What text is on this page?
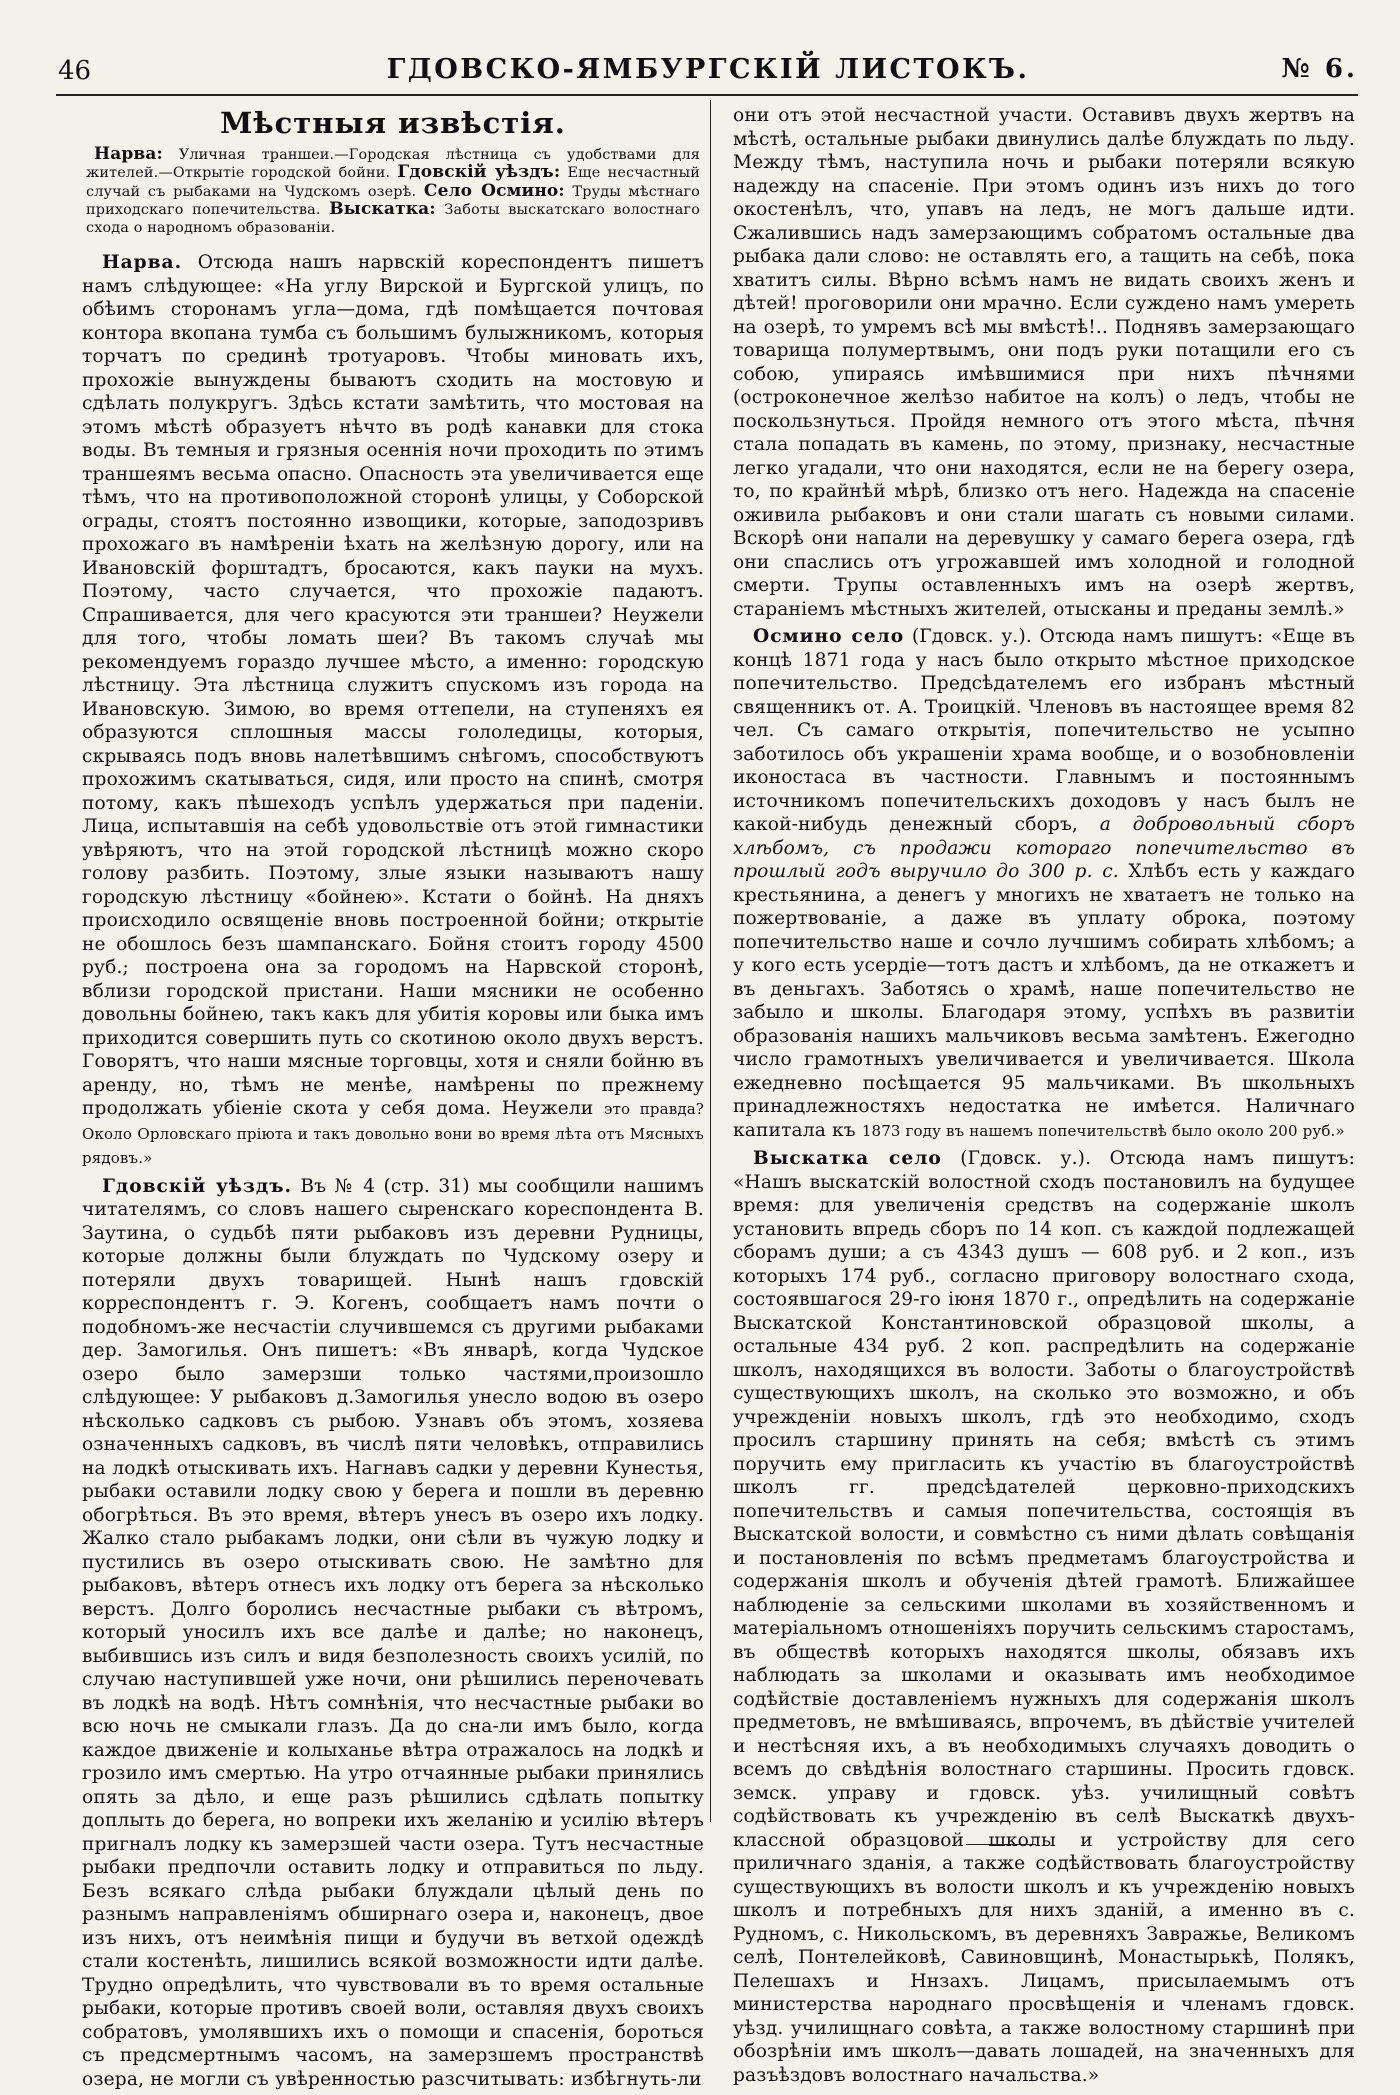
46	ГДОВСКО-ЯМБУРГСКІЙ ЛИСТОКЪ.	№ 6.
Мѣстныя извѣстія.
Нарва: Уличная траншеи.—Городская лѣстница съ удобствами для жителей.—Открытіе городской бойни. Гдовскій уѣздъ: Еще несчастный случай съ рыбаками на Чудскомъ озерѣ. Село Осмино: Труды мѣстнаго приходскаго попечительства. Выскатка: Заботы выскатскаго волостнаго схода о народномъ образованіи.

Нарва. Отсюда нашъ нарвскій кореспондентъ пишетъ намъ слѣдующее: «На углу Вирской и Бургской улицъ, по обѣимъ сторонамъ угла—дома, гдѣ помѣщается почтовая контора вкопана тумба съ большимъ булыжникомъ, которыя торчатъ по срединѣ тротуаровъ. Чтобы миновать ихъ, прохожіе вынуждены бываютъ сходить на мостовую и сдѣлать полукругъ. Здѣсь кстати замѣтить, что мостовая на этомъ мѣстѣ образуетъ нѣчто въ родѣ канавки для стока воды. Въ темныя и грязныя осеннія ночи проходить по этимъ траншеямъ весьма опасно. Опасность эта увеличивается еще тѣмъ, что на противоположной сторонѣ улицы, у Соборской ограды, стоятъ постоянно извощики, которые, заподозривъ прохожаго въ намѣреніи ѣхать на желѣзную дорогу, или на Ивановскій форштадтъ, бросаются, какъ пауки на мухъ. Поэтому, часто случается, что прохожіе падаютъ. Спрашивается, для чего красуются эти траншеи? Неужели для того, чтобы ломать шеи? Въ такомъ случаѣ мы рекомендуемъ гораздо лучшее мѣсто, а именно: городскую лѣстницу. Эта лѣстница служитъ спускомъ изъ города на Ивановскую. Зимою, во время оттепели, на ступеняхъ ея образуются сплошныя массы гололедицы, которыя, скрываясь подъ вновь налетѣвшимъ снѣгомъ, способствуютъ прохожимъ скатываться, сидя, или просто на спинѣ, смотря потому, какъ пѣшеходъ успѣлъ удержаться при паденіи. Лица, испытавшія на себѣ удовольствіе отъ этой гимнастики увѣряютъ, что на этой городской лѣстницѣ можно скоро голову разбить. Поэтому, злые языки называютъ нашу городскую лѣстницу «бойнею». Кстати о бойнѣ. На дняхъ происходило освященіе вновь построенной бойни; открытіе не обошлось безъ шампанскаго. Бойня стоитъ городу 4500 руб.; построена она за городомъ на Нарвской сторонѣ, вблизи городской пристани. Наши мясники не особенно довольны бойнею, такъ какъ для убитія коровы или быка имъ приходится совершить путь со скотиною около двухъ верстъ. Говорятъ, что наши мясные торговцы, хотя и сняли бойню въ аренду, но, тѣмъ не менѣе, намѣрены по прежнему продолжать убіеніе скота у себя дома. Неужели это правда? Около Орловскаго пріюта и такъ довольно вони во время лѣта отъ Мясныхъ рядовъ.»

Гдовскій уѣздъ. Въ № 4 (стр. 31) мы сообщили нашимъ читателямъ, со словъ нашего сыренскаго кореспондента В. Заутина, о судьбѣ пяти рыбаковъ изъ деревни Рудницы, которые должны были блуждать по Чудскому озеру и потеряли двухъ товарищей. Нынѣ нашъ гдовскій корреспондентъ г. Э. Когенъ, сообщаетъ намъ почти о подобномъ-же несчастіи случившемся съ другими рыбаками дер. Замогилья. Онъ пишетъ: «Въ январѣ, когда Чудское озеро было замерзши только частями,произошло слѣдующее: У рыбаковъ д.Замогилья унесло водою въ озеро нѣсколько садковъ съ рыбою. Узнавъ объ этомъ, хозяева означенныхъ садковъ, въ числѣ пяти человѣкъ, отправились на лодкѣ отыскивать ихъ. Нагнавъ садки у деревни Кунестья, рыбаки оставили лодку свою у берега и пошли въ деревню обогрѣться. Въ это время, вѣтеръ унесъ въ озеро ихъ лодку. Жалко стало рыбакамъ лодки, они сѣли въ чужую лодку и пустились въ озеро отыскивать свою. Не замѣтно для рыбаковъ, вѣтеръ отнесъ ихъ лодку отъ берега за нѣсколько верстъ. Долго боролись несчастные рыбаки съ вѣтромъ, который уносилъ ихъ все далѣе и далѣе; но наконецъ, выбившись изъ силъ и видя безполезность своихъ усилій, по случаю наступившей уже ночи, они рѣшились переночевать въ лодкѣ на водѣ. Нѣтъ сомнѣнія, что несчастные рыбаки во всю ночь не смыкали глазъ. Да до сна-ли имъ было, когда каждое движеніе и колыханье вѣтра отражалось на лодкѣ и грозило имъ смертью. На утро отчаянные рыбаки принялись опять за дѣло, и еще разъ рѣшились сдѣлать попытку доплыть до берега, но вопреки ихъ желанію и усилію вѣтеръ пригналъ лодку къ замерзшей части озера. Тутъ несчастные рыбаки предпочли оставить лодку и отправиться по льду. Безъ всякаго слѣда рыбаки блуждали цѣлый день по разнымъ направленіямъ обширнаго озера и, наконецъ, двое изъ нихъ, отъ неимѣнія пищи и будучи въ ветхой одеждѣ стали костенѣть, лишились всякой возможности идти далѣе. Трудно опредѣлить, что чувствовали въ то время остальные рыбаки, которые противъ своей воли, оставляя двухъ своихъ собратовъ, умолявшихъ ихъ о помощи и спасенія, бороться съ предсмертнымъ часомъ, на замерзшемъ пространствѣ озера, не могли съ увѣренностью разсчитывать: избѣгнуть-ли

они отъ этой несчастной участи. Оставивъ двухъ жертвъ на мѣстѣ, остальные рыбаки двинулись далѣе блуждать по льду. Между тѣмъ, наступила ночь и рыбаки потеряли всякую надежду на спасеніе. При этомъ одинъ изъ нихъ до того окостенѣлъ, что, упавъ на ледъ, не могъ дальше идти. Сжалившись надъ замерзающимъ собратомъ остальные два рыбака дали слово: не оставлять его, а тащить на себѣ, пока хватитъ силы. Вѣрно всѣмъ намъ не видать своихъ женъ и дѣтей! проговорили они мрачно. Если суждено намъ умереть на озерѣ, то умремъ всѣ мы вмѣстѣ!.. Поднявъ замерзающаго товарища полумертвымъ, они подъ руки потащили его съ собою, упираясь имѣвшимися при нихъ пѣчнями (остроконечное желѣзо набитое на колъ) о ледъ, чтобы не поскользнуться. Пройдя немного отъ этого мѣста, пѣчня стала попадать въ камень, по этому, признаку, несчастные легко угадали, что они находятся, если не на берегу озера, то, по крайнѣй мѣрѣ, близко отъ него. Надежда на спасеніе оживила рыбаковъ и они стали шагать съ новыми силами. Вскорѣ они напали на деревушку у самаго берега озера, гдѣ они спаслись отъ угрожавшей имъ холодной и голодной смерти. Трупы оставленныхъ имъ на озерѣ жертвъ, стараніемъ мѣстныхъ жителей, отысканы и преданы землѣ.»

Осмино село (Гдовск. у.). Отсюда намъ пишутъ: «Еще въ концѣ 1871 года у насъ было открыто мѣстное приходское попечительство. Предсѣдателемъ его избранъ мѣстный священникъ от. А. Троицкій. Членовъ въ настоящее время 82 чел. Съ самаго открытія, попечительство не усыпно заботилось объ украшеніи храма вообще, и о возобновленіи иконостаса въ частности. Главнымъ и постояннымъ источникомъ попечительскихъ доходовъ у насъ былъ не какой-нибудь денежный сборъ, а добровольный сборъ хлѣбомъ, съ продажи котораго попечительство въ прошлый годъ выручило до 300 р. с. Хлѣбъ есть у каждаго крестьянина, а денегъ у многихъ не хватаетъ не только на пожертвованіе, а даже въ уплату оброка, поэтому попечительство наше и сочло лучшимъ собирать хлѣбомъ; а у кого есть усердіе—тотъ дастъ и хлѣбомъ, да не откажетъ и въ деньгахъ. Заботясь о храмѣ, наше попечительство не забыло и школы. Благодаря этому, успѣхъ въ развитіи образованія нашихъ мальчиковъ весьма замѣтенъ. Ежегодно число грамотныхъ увеличивается и увеличивается. Школа ежедневно посѣщается 95 мальчиками. Въ школьныхъ принадлежностяхъ недостатка не имѣется. Наличнаго капитала къ 1873 году въ нашемъ попечительствѣ было около 200 руб.»

Выскатка село (Гдовск. у.). Отсюда намъ пишутъ: «Нашъ выскатскій волостной сходъ постановилъ на будущее время: для увеличенія средствъ на содержаніе школъ установить впредь сборъ по 14 коп. съ каждой подлежащей сборамъ души; а съ 4343 душъ — 608 руб. и 2 коп., изъ которыхъ 174 руб., согласно приговору волостнаго схода, состоявшагося 29-го іюня 1870 г., опредѣлить на содержаніе Выскатской Константиновской образцовой школы, а остальные 434 руб. 2 коп. распредѣлить на содержаніе школъ, находящихся въ волости. Заботы о благоустройствѣ существующихъ школъ, на сколько это возможно, и объ учрежденіи новыхъ школъ, гдѣ это необходимо, сходъ просилъ старшину принять на себя; вмѣстѣ съ этимъ поручить ему пригласить къ участію въ благоустройствѣ школъ гг. предсѣдателей церковно-приходскихъ попечительствъ и самыя попечительства, состоящія въ Выскатской волости, и совмѣстно съ ними дѣлать совѣщанія и постановленія по всѣмъ предметамъ благоустройства и содержанія школъ и обученія дѣтей грамотѣ. Ближайшее наблюденіе за сельскими школами въ хозяйственномъ и матеріальномъ отношеніяхъ поручить сельскимъ старостамъ, въ обществѣ которыхъ находятся школы, обязавъ ихъ наблюдать за школами и оказывать имъ необходимое содѣйствіе доставленіемъ нужныхъ для содержанія школъ предметовъ, не вмѣшиваясь, впрочемъ, въ дѣйствіе учителей и нестѣсняя ихъ, а въ необходимыхъ случаяхъ доводить о всемъ до свѣдѣнія волостнаго старшины. Просить гдовск. земск. управу и гдовск. уѣз. училищный совѣтъ содѣйствовать къ учрежденію въ селѣ Выскаткѣ двухъ-классной образцовой школы и устройству для сего приличнаго зданія, а также содѣйствовать благоустройству существующихъ въ волости школъ и къ учрежденію новыхъ школъ и потребныхъ для нихъ зданій, а именно въ с. Рудномъ, с. Никольскомъ, въ деревняхъ Завражье, Великомъ селѣ, Понтелейковѣ, Савиновщинѣ, Монастырькѣ, Полякъ, Пелешахъ и Ннзахъ. Лицамъ, присылаемымъ отъ министерства народнаго просвѣщенія и членамъ гдовск. уѣзд. училищнаго совѣта, а также волостному старшинѣ при обозрѣніи имъ школъ—давать лошадей, на значенныхъ для разъѣздовъ волостнаго начальства.»
